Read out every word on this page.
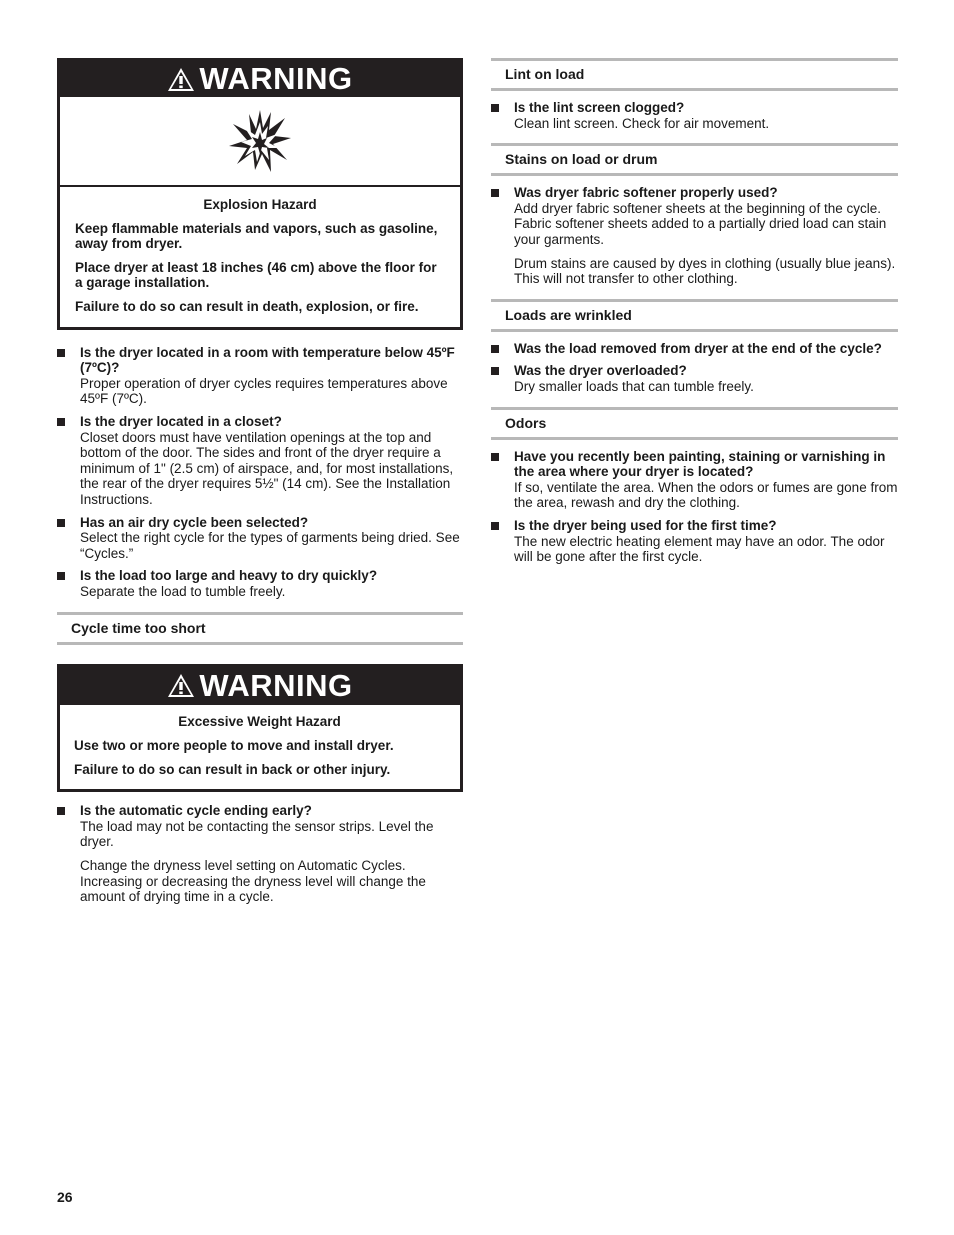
WARNING
Explosion Hazard
Keep flammable materials and vapors, such as gasoline, away from dryer.
Place dryer at least 18 inches (46 cm) above the floor for a garage installation.
Failure to do so can result in death, explosion, or fire.
Is the dryer located in a room with temperature below 45ºF (7ºC)?
Proper operation of dryer cycles requires temperatures above 45ºF (7ºC).
Is the dryer located in a closet?
Closet doors must have ventilation openings at the top and bottom of the door. The sides and front of the dryer require a minimum of 1" (2.5 cm) of airspace, and, for most installations, the rear of the dryer requires 5½" (14 cm). See the Installation Instructions.
Has an air dry cycle been selected?
Select the right cycle for the types of garments being dried. See “Cycles.”
Is the load too large and heavy to dry quickly?
Separate the load to tumble freely.
Cycle time too short
WARNING
Excessive Weight Hazard
Use two or more people to move and install dryer.
Failure to do so can result in back or other injury.
Is the automatic cycle ending early?
The load may not be contacting the sensor strips. Level the dryer.
Change the dryness level setting on Automatic Cycles. Increasing or decreasing the dryness level will change the amount of drying time in a cycle.
Lint on load
Is the lint screen clogged?
Clean lint screen. Check for air movement.
Stains on load or drum
Was dryer fabric softener properly used?
Add dryer fabric softener sheets at the beginning of the cycle. Fabric softener sheets added to a partially dried load can stain your garments.
Drum stains are caused by dyes in clothing (usually blue jeans). This will not transfer to other clothing.
Loads are wrinkled
Was the load removed from dryer at the end of the cycle?
Was the dryer overloaded?
Dry smaller loads that can tumble freely.
Odors
Have you recently been painting, staining or varnishing in the area where your dryer is located?
If so, ventilate the area. When the odors or fumes are gone from the area, rewash and dry the clothing.
Is the dryer being used for the first time?
The new electric heating element may have an odor. The odor will be gone after the first cycle.
26
